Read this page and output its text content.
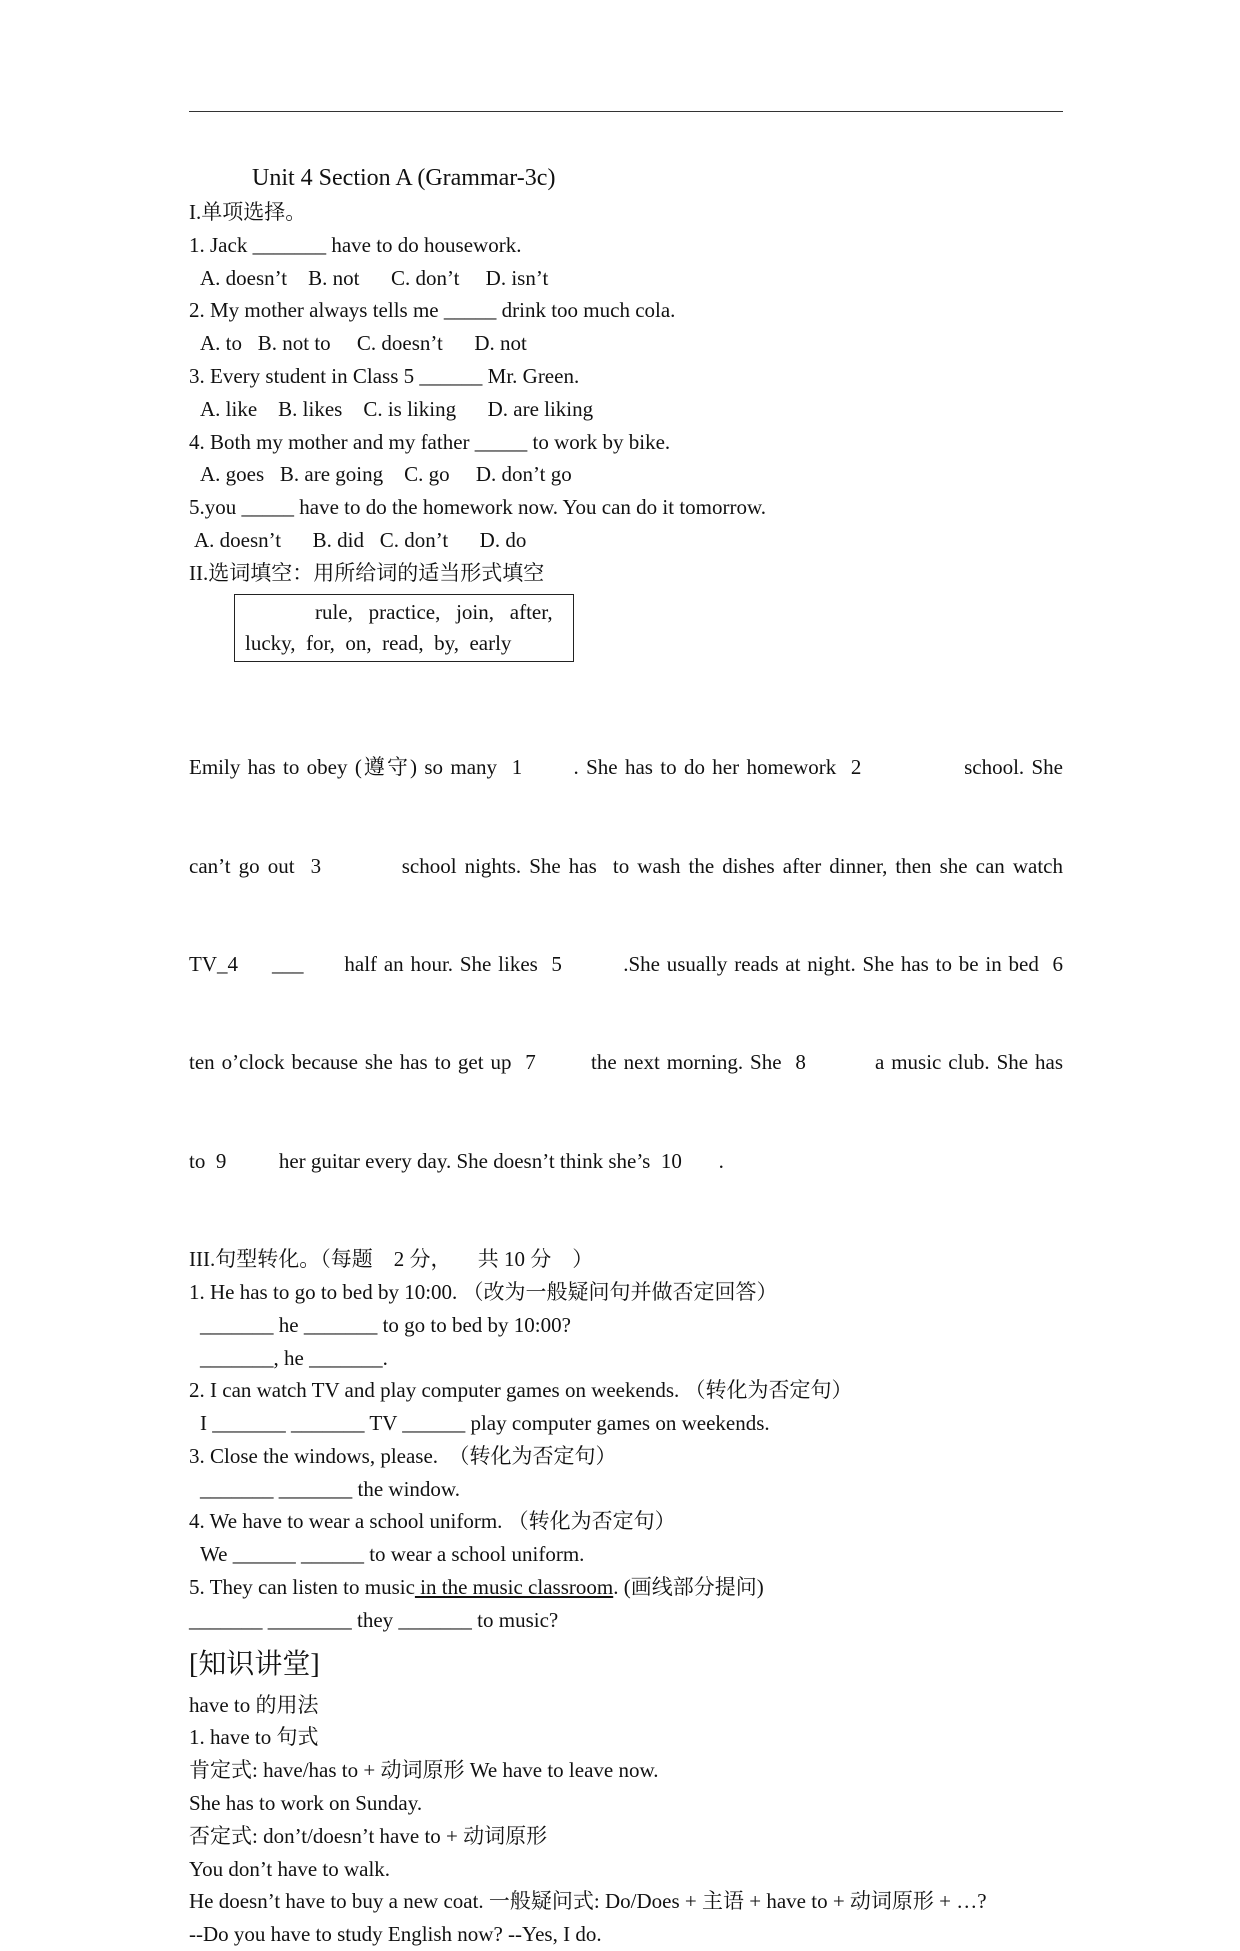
Unit 4 Section A (Grammar-3c)
I.单项选择。
1. Jack _______ have to do housework.
A. doesn’t    B. not      C. don’t     D. isn’t
2. My mother always tells me _____ drink too much cola.
A. to   B. not to     C. doesn’t      D. not
3. Every student in Class 5 ______ Mr. Green.
A. like    B. likes    C. is liking      D. are liking
4. Both my mother and my father _____ to work by bike.
A. goes   B. are going    C. go     D. don’t go
5.you _____ have to do the homework now. You can do it tomorrow.
A. doesn’t      B. did   C. don’t      D. do
II.选词填空：用所给词的适当形式填空
rule,   practice,   join,   after,
lucky,  for,  on,  read,  by,  early

Emily has to obey (遵守) so many  1       . She has to do her homework  2              school. She

can’t go out  3          school nights. She has  to wash the dishes after dinner, then she can watch

TV_4     ___      half an hour. She likes  5         .She usually reads at night. She has to be in bed  6

ten o’clock because she has to get up  7        the next morning. She  8          a music club. She has

to  9          her guitar every day. She doesn’t think she’s  10       .

III.句型转化。（每题    2 分，     共 10 分    ）
1. He has to go to bed by 10:00. （改为一般疑问句并做否定回答）
_______ he _______ to go to bed by 10:00?
_______, he _______.
2. I can watch TV and play computer games on weekends. （转化为否定句）
I _______ _______ TV ______ play computer games on weekends.
3. Close the windows, please.  （转化为否定句）
_______ _______ the window.
4. We have to wear a school uniform. （转化为否定句）
We ______ ______ to wear a school uniform.
5. They can listen to music in the music classroom. (画线部分提问)
_______ ________ they _______ to music?
[知识讲堂]
have to 的用法
1. have to 句式
肯定式: have/has to + 动词原形 We have to leave now.
She has to work on Sunday.
否定式: don’t/doesn’t have to + 动词原形
You don’t have to walk.
He doesn’t have to buy a new coat. 一般疑问式: Do/Does + 主语 + have to + 动词原形 + …?
--Do you have to study English now? --Yes, I do.
